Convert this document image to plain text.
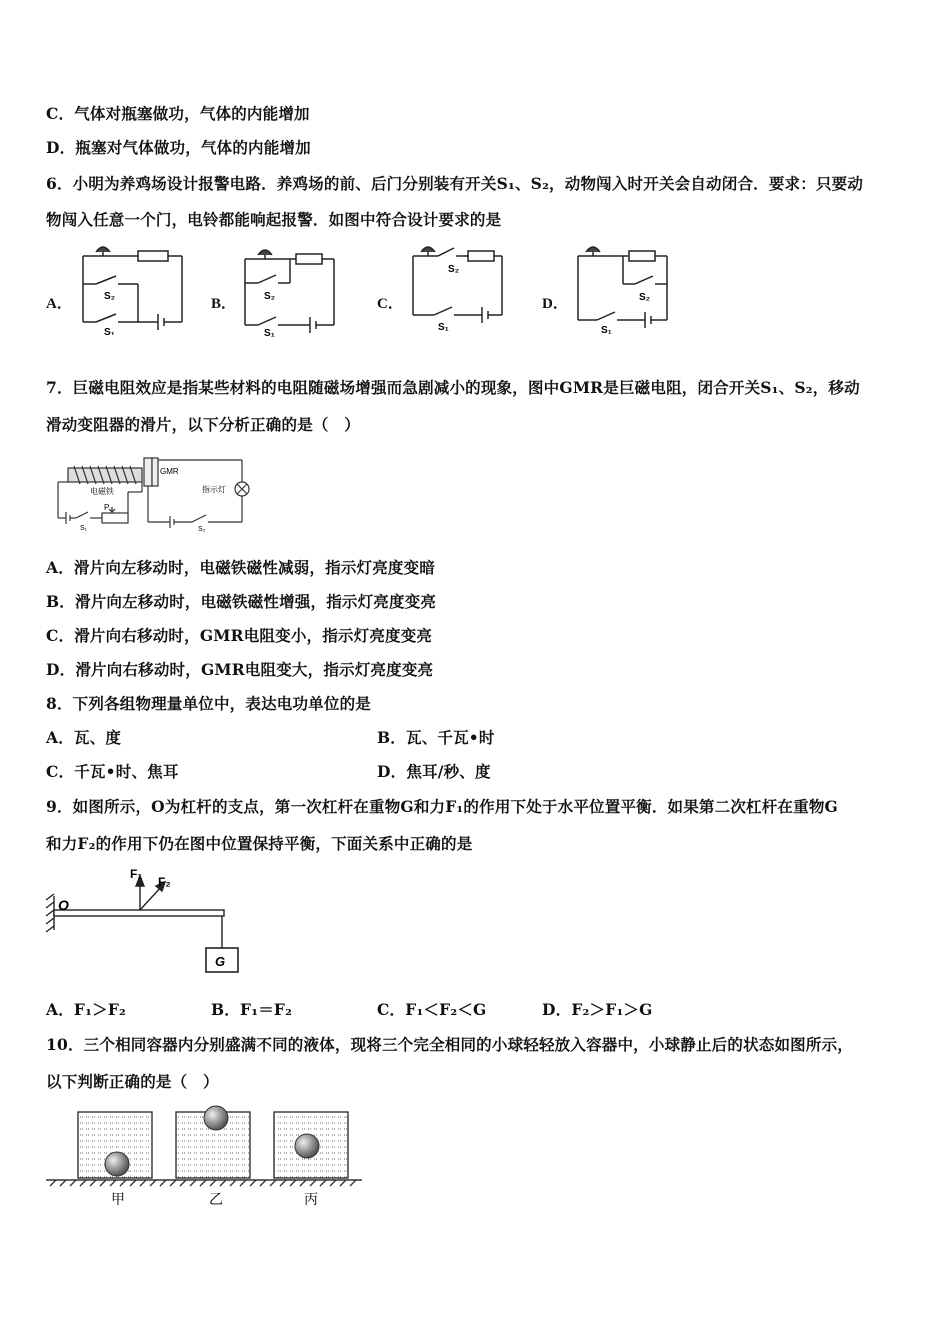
C．气体对瓶塞做功，气体的内能增加
D．瓶塞对气体做功，气体的内能增加
6．小明为养鸡场设计报警电路．养鸡场的前、后门分别装有开关S₁、S₂，动物闯入时开关会自动闭合．要求：只要动
物闯入任意一个门，电铃都能响起报警．如图中符合设计要求的是
A．	B．	C．	D．
S₂
S₁
S₂
S₁
S₂
S₁
S₂
S₁
7．巨磁电阻效应是指某些材料的电阻随磁场增强而急剧减小的现象，图中GMR是巨磁电阻，闭合开关S₁、S₂，移动
滑动变阻器的滑片，以下分析正确的是（　）
电磁铁
GMR
指示灯
P
S₁	S₂
A．滑片向左移动时，电磁铁磁性减弱，指示灯亮度变暗
B．滑片向左移动时，电磁铁磁性增强，指示灯亮度变亮
C．滑片向右移动时，GMR电阻变小，指示灯亮度变亮
D．滑片向右移动时，GMR电阻变大，指示灯亮度变亮
8．下列各组物理量单位中，表达电功单位的是
A．瓦、度	B．瓦、千瓦•时
C．千瓦•时、焦耳	D．焦耳/秒、度
9．如图所示，O为杠杆的支点，第一次杠杆在重物G和力F₁的作用下处于水平位置平衡．如果第二次杠杆在重物G
和力F₂的作用下仍在图中位置保持平衡，下面关系中正确的是
O
F₁
F₂
G
A．F₁＞F₂	B．F₁＝F₂	C．F₁＜F₂＜G	D．F₂＞F₁＞G
10．三个相同容器内分别盛满不同的液体，现将三个完全相同的小球轻轻放入容器中，小球静止后的状态如图所示，
以下判断正确的是（　）
甲	乙	丙
